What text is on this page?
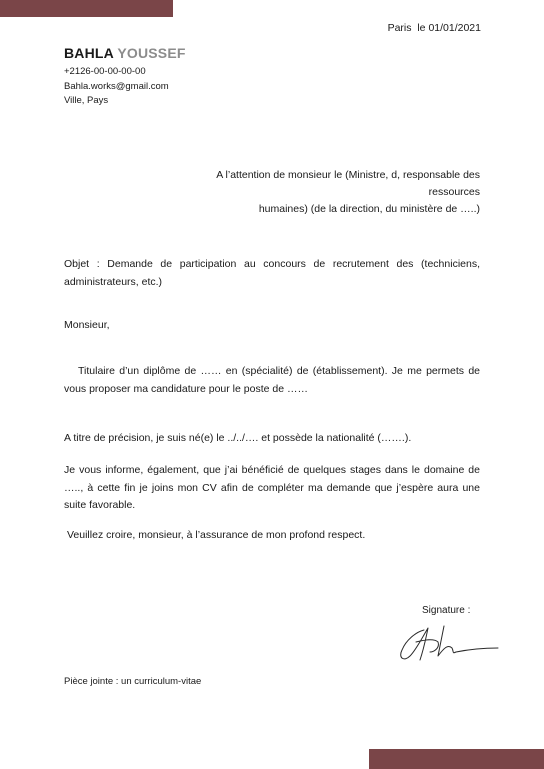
Paris  le 01/01/2021
BAHLA YOUSSEF
+2126-00-00-00-00
Bahla.works@gmail.com
Ville, Pays
A l’attention de monsieur le (Ministre, d, responsable des ressources
humaines) (de la direction, du ministère de …..)
Objet : Demande de participation au concours de recrutement des (techniciens, administrateurs, etc.)
Monsieur,
Titulaire d’un diplôme de …… en (spécialité) de (établissement). Je me permets de vous proposer ma candidature pour le poste de ……
A titre de précision, je suis né(e) le ../../…. et possède la nationalité (…….).
Je vous informe, également, que j’ai bénéficié de quelques stages dans le domaine de ….., à cette fin je joins mon CV afin de compléter ma demande que j’espère aura une suite favorable.
Veuillez croire, monsieur, à l’assurance de mon profond respect.
Signature :
Pièce jointe : un curriculum-vitae
